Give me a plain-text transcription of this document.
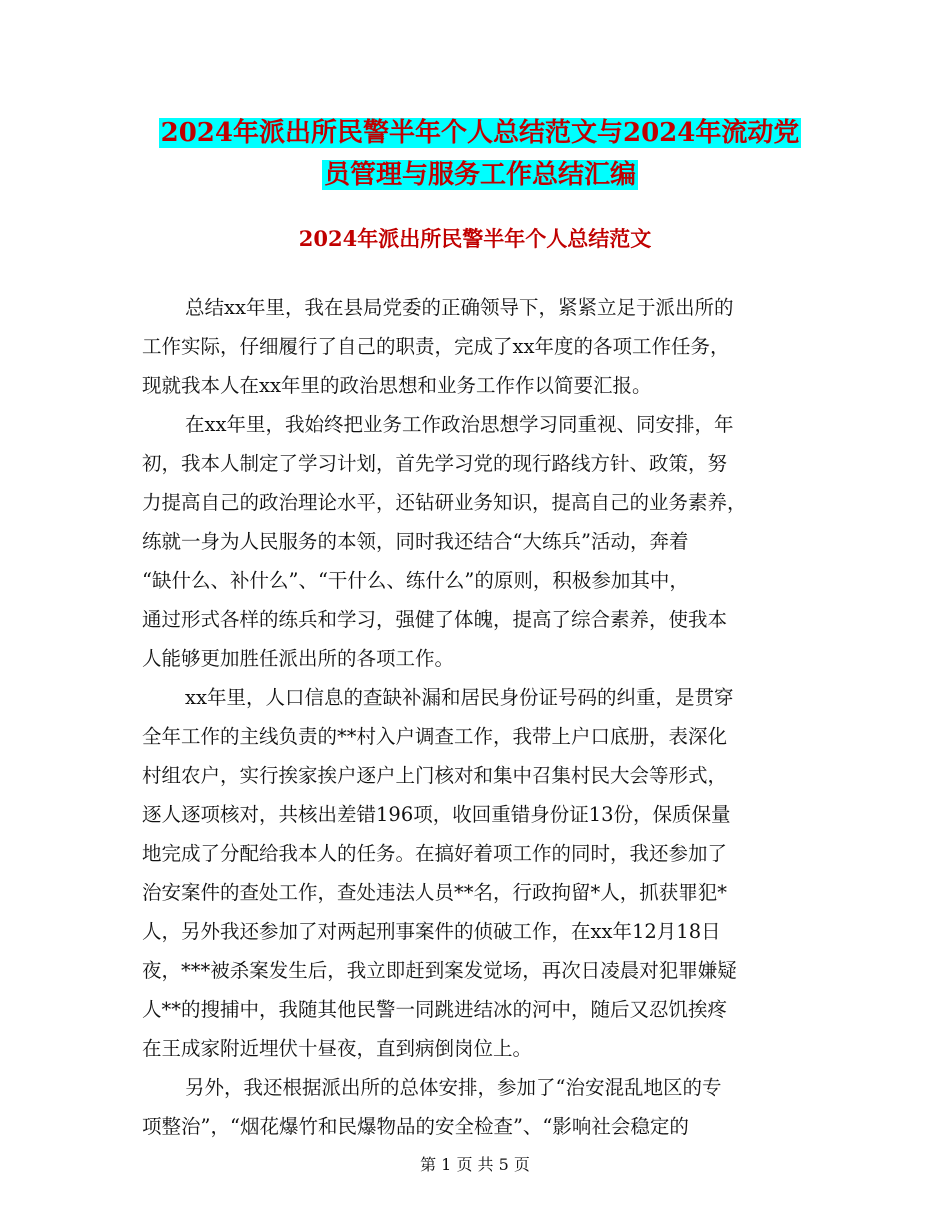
2024年派出所民警半年个人总结范文与2024年流动党
员管理与服务工作总结汇编
2024年派出所民警半年个人总结范文
总结xx年里，我在县局党委的正确领导下，紧紧立足于派出所的
工作实际，仔细履行了自己的职责，完成了xx年度的各项工作任务，
现就我本人在xx年里的政治思想和业务工作作以简要汇报。
在xx年里，我始终把业务工作政治思想学习同重视、同安排，年
初，我本人制定了学习计划，首先学习党的现行路线方针、政策，努
力提高自己的政治理论水平，还钻研业务知识，提高自己的业务素养，
练就一身为人民服务的本领，同时我还结合“大练兵”活动，奔着
“缺什么、补什么”、“干什么、练什么”的原则，积极参加其中，
通过形式各样的练兵和学习，强健了体魄，提高了综合素养，使我本
人能够更加胜任派出所的各项工作。
xx年里，人口信息的查缺补漏和居民身份证号码的纠重，是贯穿
全年工作的主线负责的**村入户调查工作，我带上户口底册，表深化
村组农户，实行挨家挨户逐户上门核对和集中召集村民大会等形式，
逐人逐项核对，共核出差错196项，收回重错身份证13份，保质保量
地完成了分配给我本人的任务。在搞好着项工作的同时，我还参加了
治安案件的查处工作，查处违法人员**名，行政拘留*人，抓获罪犯*
人，另外我还参加了对两起刑事案件的侦破工作，在xx年12月18日
夜，***被杀案发生后，我立即赶到案发觉场，再次日凌晨对犯罪嫌疑
人**的搜捕中，我随其他民警一同跳进结冰的河中，随后又忍饥挨疼
在王成家附近埋伏十昼夜，直到病倒岗位上。
另外，我还根据派出所的总体安排，参加了“治安混乱地区的专
项整治”，“烟花爆竹和民爆物品的安全检查”、“影响社会稳定的
第 1 页 共 5 页
